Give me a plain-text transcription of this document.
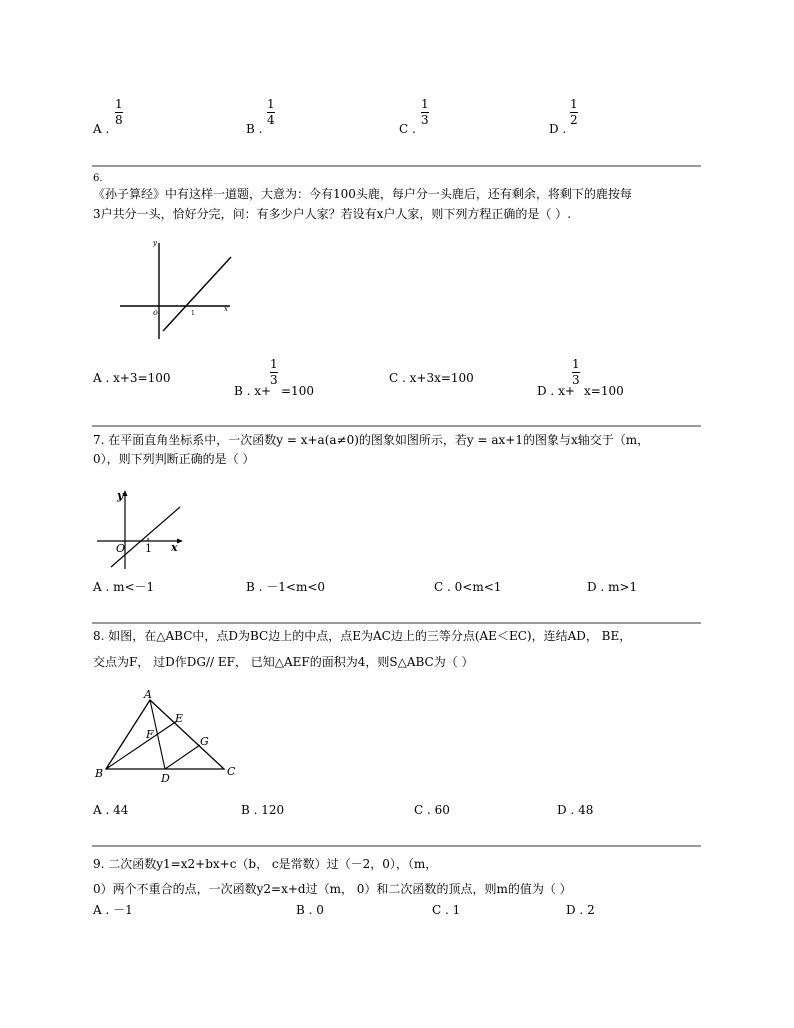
A .
1
8
B .
1
4
C .
1
3
D .
1
2
6.
《孙子算经》中有这样一道题，大意为：今有100头鹿，每户分一头鹿后，还有剩余，将剩下的鹿按每
3户共分一头，恰好分完，问：有多少户人家？若设有x户人家，则下列方程正确的是（ ）.
y
x
o	1
A . x+3=100
B . x+
1
3
=100
C . x+3x=100
D . x+
1
3
x=100
7. 在平面直角坐标系中，一次函数y = x+a(a≠0)的图象如图所示，若y = ax+1的图象与x轴交于（m，
0），则下列判断正确的是（ ）
y
x
O 1
A . m<－1	B . －1<m<0	C . 0<m<1	D . m>1
8. 如图，在△ABC中，点D为BC边上的中点，点E为AC边上的三等分点(AE＜EC)，连结AD， BE，
交点为F， 过D作DG// EF， 已知△AEF的面积为4，则S△ABC为（ ）
A
B	C
D
E
F
G
A . 44	B . 120	C . 60	D . 48
9. 二次函数y1=x2+bx+c（b， c是常数）过（－2，0），（m，
0）两个不重合的点，一次函数y2=x+d过（m， 0）和二次函数的顶点，则m的值为（ ）
A . －1	B . 0	C . 1	D . 2
